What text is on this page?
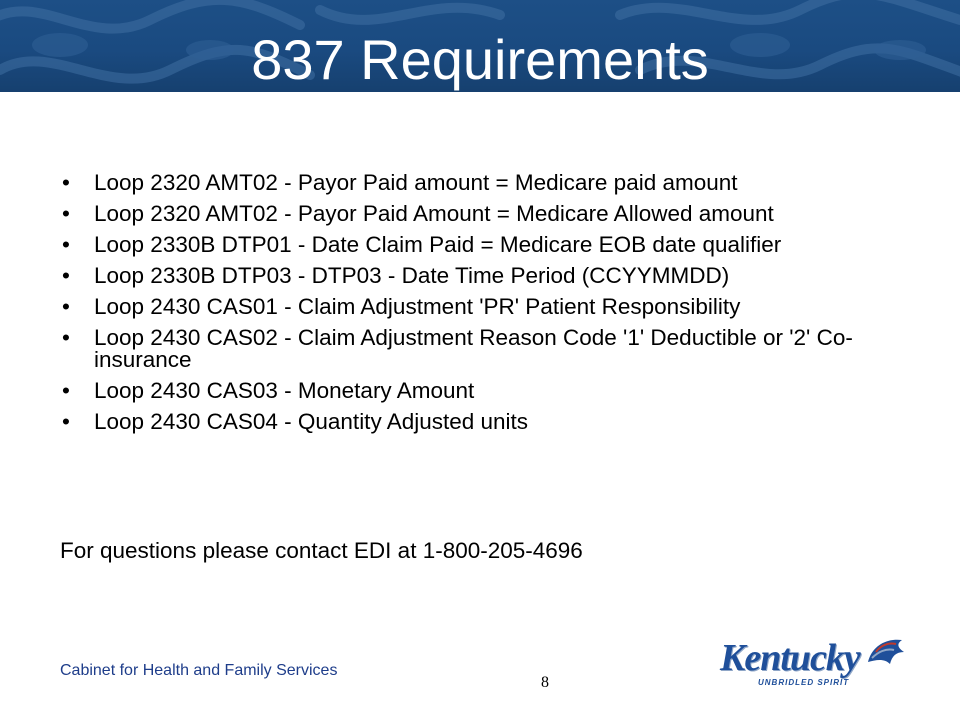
837 Requirements
• Loop 2320 AMT02 - Payor Paid amount = Medicare paid amount
• Loop 2320 AMT02 - Payor Paid Amount = Medicare Allowed amount
• Loop 2330B DTP01 - Date Claim Paid = Medicare EOB date qualifier
• Loop 2330B DTP03 - DTP03 - Date Time Period (CCYYMMDD)
• Loop 2430 CAS01 - Claim Adjustment 'PR' Patient Responsibility
• Loop 2430 CAS02 - Claim Adjustment Reason Code '1' Deductible or '2' Co-insurance
• Loop 2430 CAS03 - Monetary Amount
• Loop 2430 CAS04 - Quantity Adjusted units
For questions please contact EDI at 1-800-205-4696
Cabinet for Health and Family Services
8
Kentucky
UNBRIDLED SPIRIT
